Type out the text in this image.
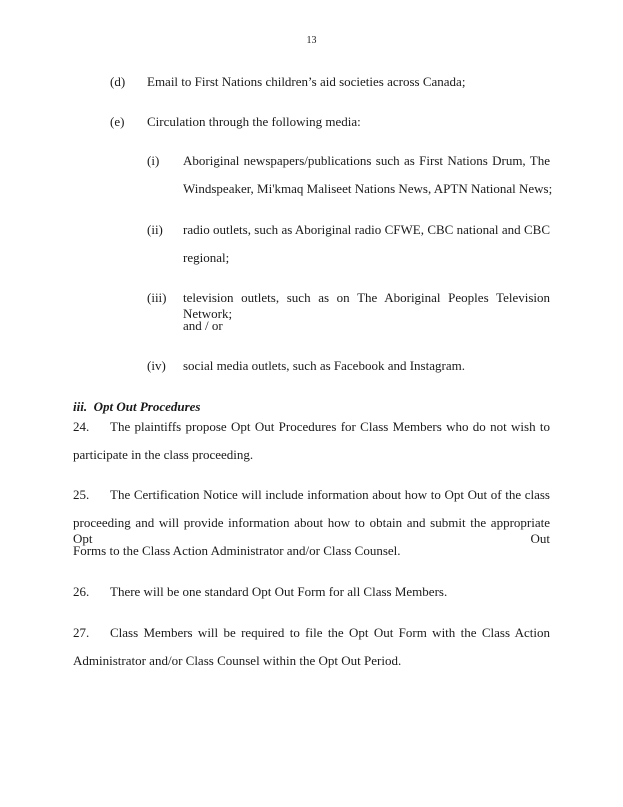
13
(d) Email to First Nations children’s aid societies across Canada;
(e) Circulation through the following media:
(i) Aboriginal newspapers/publications such as First Nations Drum, The
Windspeaker, Mi'kmaq Maliseet Nations News, APTN National News;
(ii) radio outlets, such as Aboriginal radio CFWE, CBC national and CBC
regional;
(iii) television outlets, such as on The Aboriginal Peoples Television Network;
and / or
(iv) social media outlets, such as Facebook and Instagram.
iii.  Opt Out Procedures
24. The plaintiffs propose Opt Out Procedures for Class Members who do not wish to
participate in the class proceeding.
25. The Certification Notice will include information about how to Opt Out of the class
proceeding and will provide information about how to obtain and submit the appropriate Opt Out
Forms to the Class Action Administrator and/or Class Counsel.
26. There will be one standard Opt Out Form for all Class Members.
27. Class Members will be required to file the Opt Out Form with the Class Action
Administrator and/or Class Counsel within the Opt Out Period.
